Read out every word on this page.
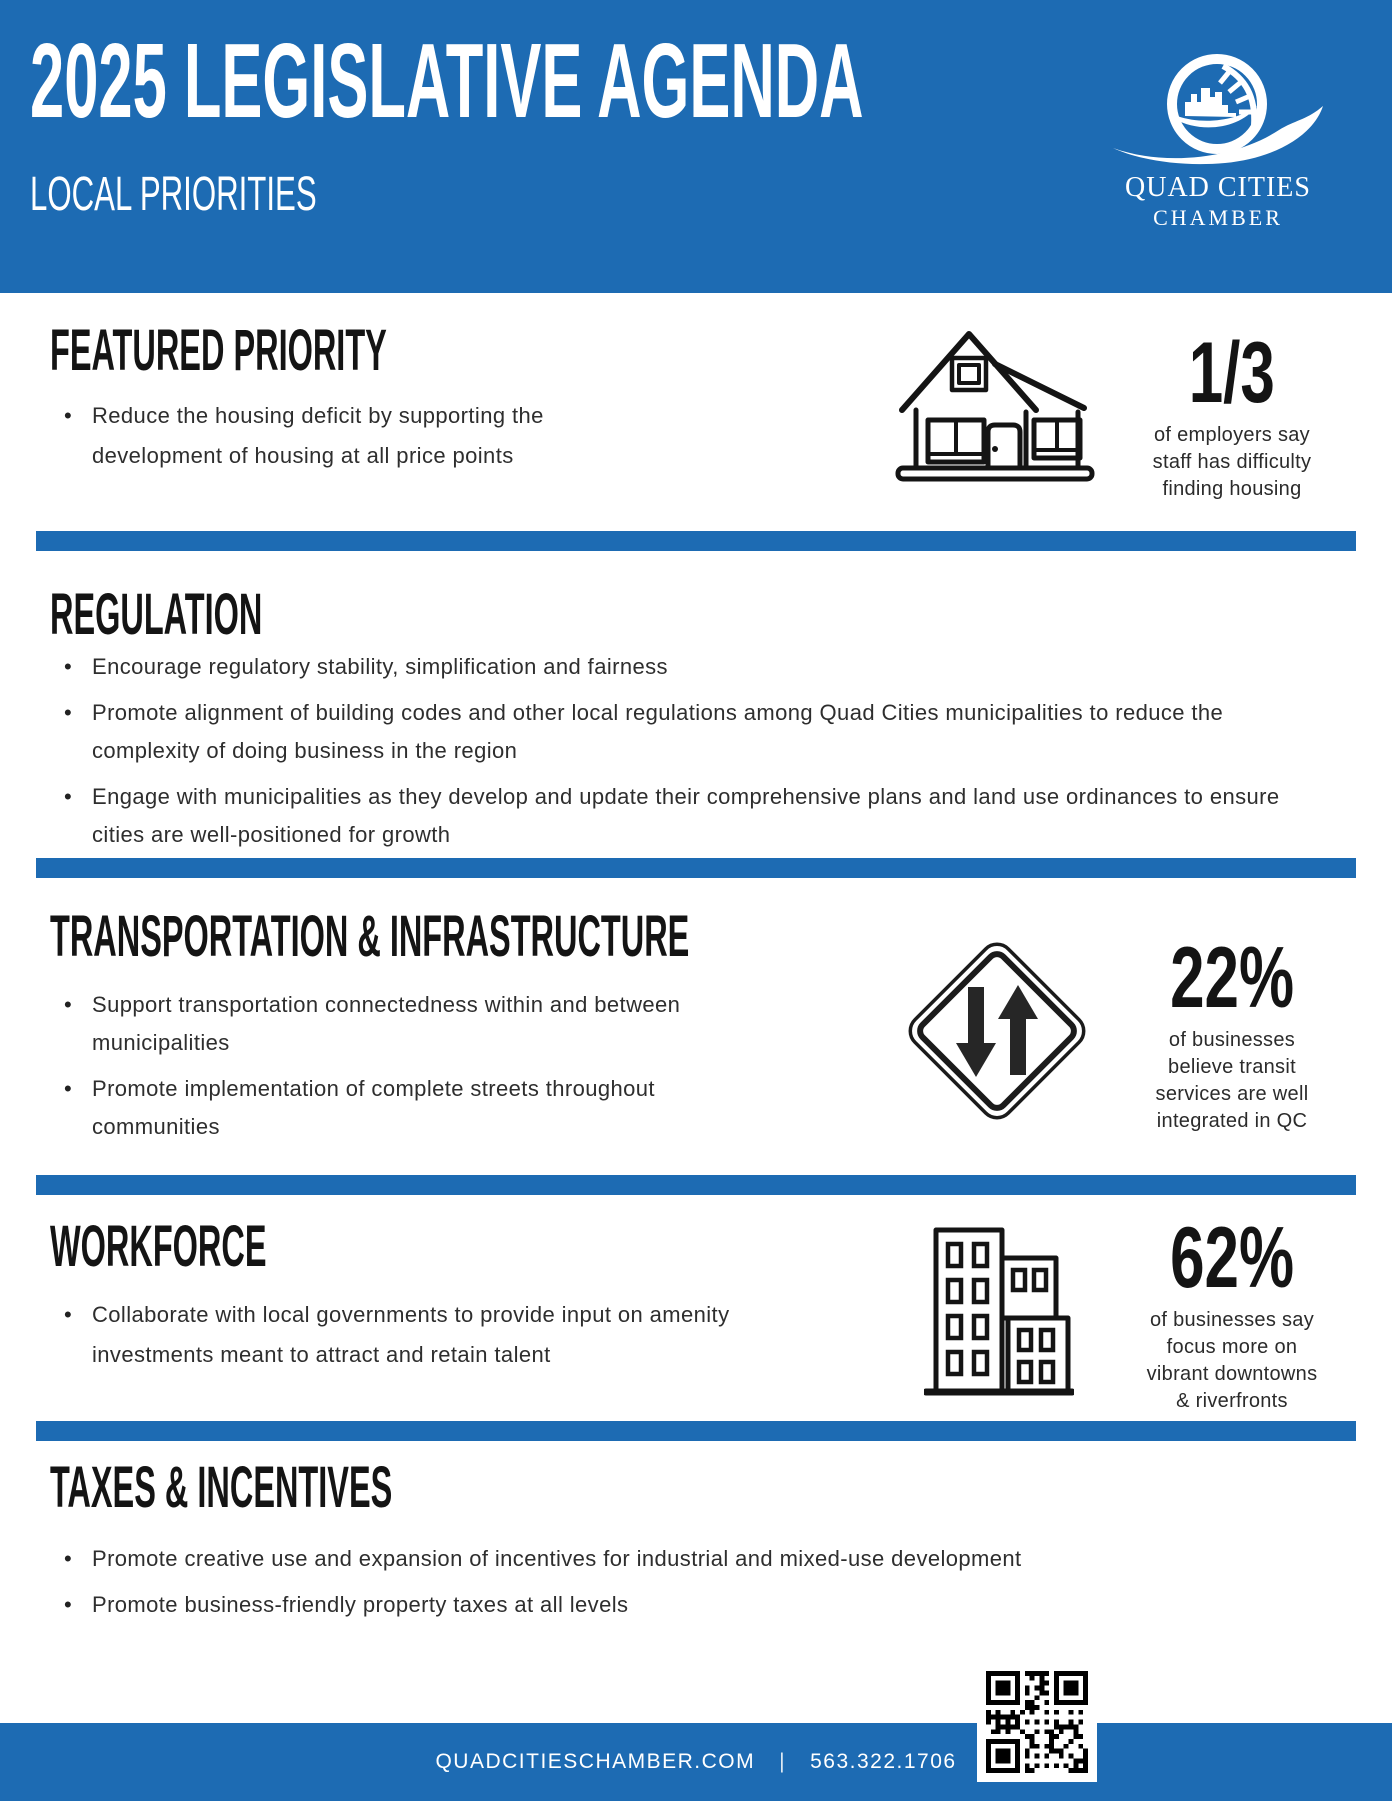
2025 LEGISLATIVE AGENDA
LOCAL PRIORITIES	QUAD CITIES
CHAMBER
FEATURED PRIORITY
• Reduce the housing deficit by supporting the development of housing at all price points
1/3
of employers say
staff has difficulty
finding housing
REGULATION
• Encourage regulatory stability, simplification and fairness
• Promote alignment of building codes and other local regulations among Quad Cities municipalities to reduce the complexity of doing business in the region
• Engage with municipalities as they develop and update their comprehensive plans and land use ordinances to ensure cities are well-positioned for growth
TRANSPORTATION & INFRASTRUCTURE
• Support transportation connectedness within and between municipalities
• Promote implementation of complete streets throughout communities
22%
of businesses
believe transit
services are well
integrated in QC
WORKFORCE
• Collaborate with local governments to provide input on amenity investments meant to attract and retain talent
62%
of businesses say
focus more on
vibrant downtowns
& riverfronts
TAXES & INCENTIVES
• Promote creative use and expansion of incentives for industrial and mixed-use development
• Promote business-friendly property taxes at all levels
QUADCITIESCHAMBER.COM | 563.322.1706
